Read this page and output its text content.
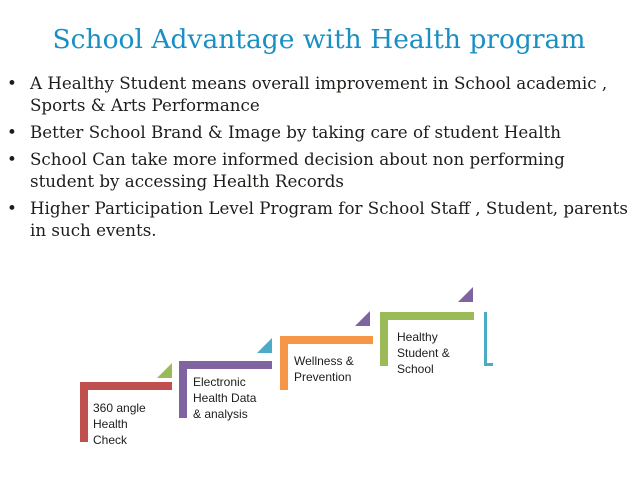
School Advantage with Health program
• A Healthy Student means overall improvement in School academic , Sports & Arts Performance
• Better School Brand & Image by taking care of student Health
• School Can take more informed decision about non performing student by accessing Health Records
• Higher Participation Level Program for School Staff , Student, parents in such events.
360 angle Health Check
Electronic Health Data & analysis
Wellness & Prevention
Healthy Student & School
